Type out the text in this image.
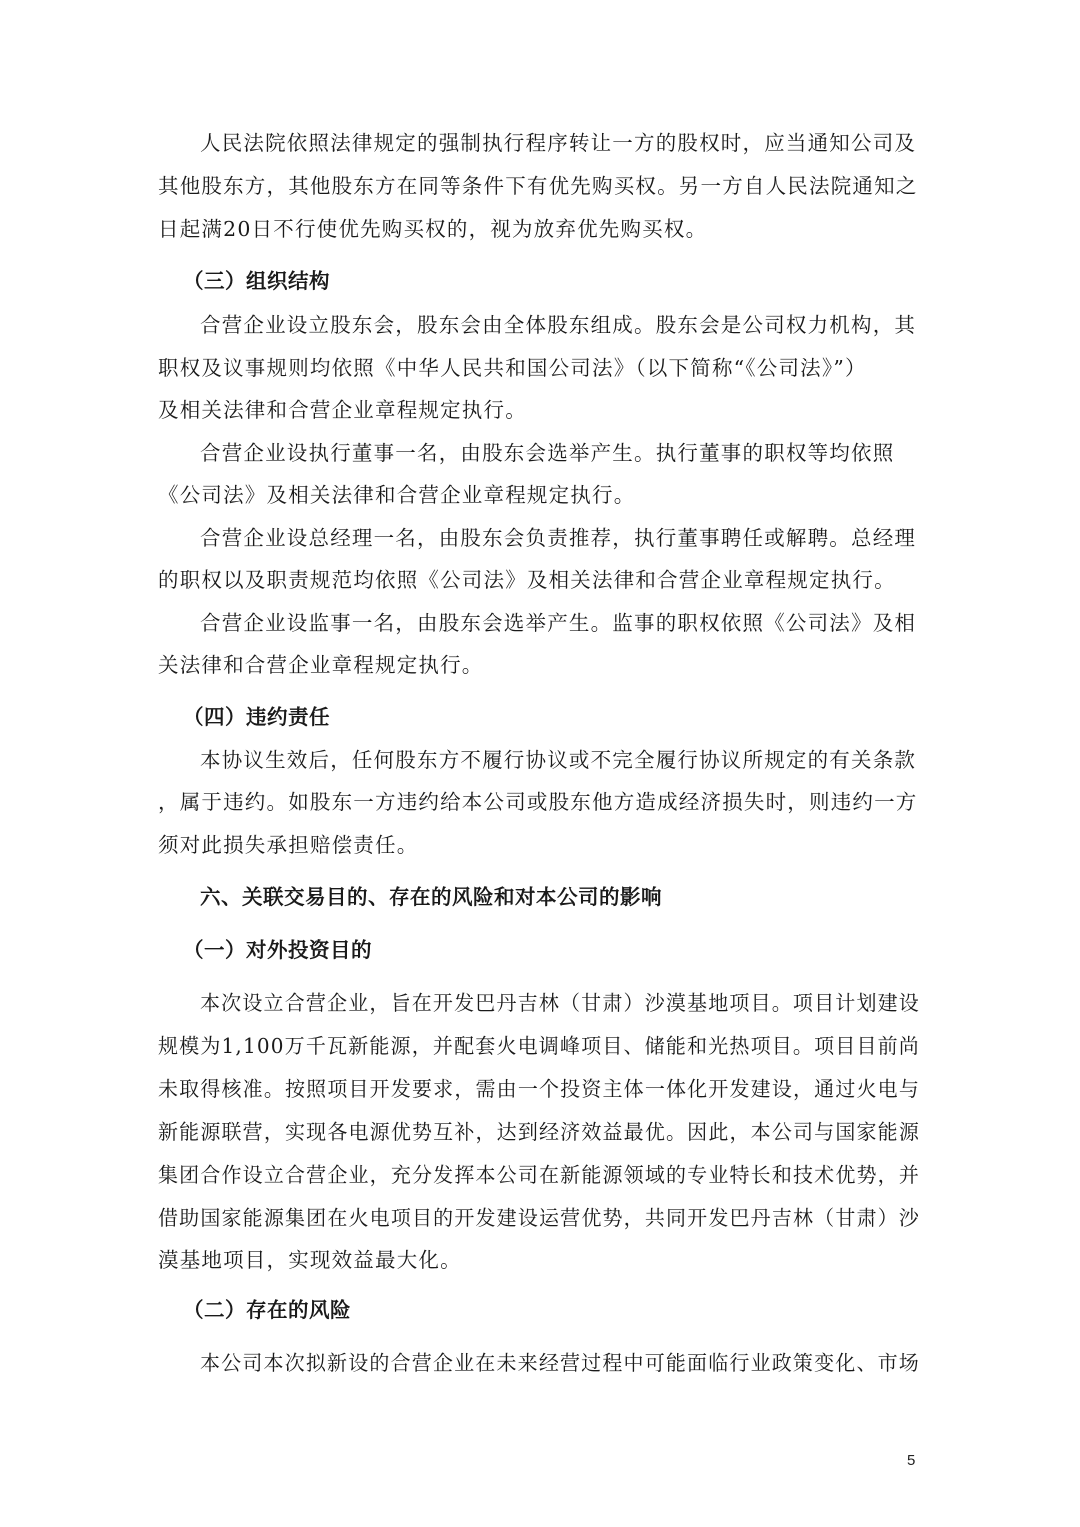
人民法院依照法律规定的强制执行程序转让一方的股权时，应当通知公司及
其他股东方，其他股东方在同等条件下有优先购买权。另一方自人民法院通知之
日起满20日不行使优先购买权的，视为放弃优先购买权。
（三）组织结构
合营企业设立股东会，股东会由全体股东组成。股东会是公司权力机构，其
职权及议事规则均依照《中华人民共和国公司法》（以下简称“《公司法》”）
及相关法律和合营企业章程规定执行。
合营企业设执行董事一名，由股东会选举产生。执行董事的职权等均依照
《公司法》及相关法律和合营企业章程规定执行。
合营企业设总经理一名，由股东会负责推荐，执行董事聘任或解聘。总经理
的职权以及职责规范均依照《公司法》及相关法律和合营企业章程规定执行。
合营企业设监事一名，由股东会选举产生。监事的职权依照《公司法》及相
关法律和合营企业章程规定执行。
（四）违约责任
本协议生效后，任何股东方不履行协议或不完全履行协议所规定的有关条款
，属于违约。如股东一方违约给本公司或股东他方造成经济损失时，则违约一方
须对此损失承担赔偿责任。
六、关联交易目的、存在的风险和对本公司的影响
（一）对外投资目的
本次设立合营企业，旨在开发巴丹吉林（甘肃）沙漠基地项目。项目计划建设
规模为1,100万千瓦新能源，并配套火电调峰项目、储能和光热项目。项目目前尚
未取得核准。按照项目开发要求，需由一个投资主体一体化开发建设，通过火电与
新能源联营，实现各电源优势互补，达到经济效益最优。因此，本公司与国家能源
集团合作设立合营企业，充分发挥本公司在新能源领域的专业特长和技术优势，并
借助国家能源集团在火电项目的开发建设运营优势，共同开发巴丹吉林（甘肃）沙
漠基地项目，实现效益最大化。
（二）存在的风险
本公司本次拟新设的合营企业在未来经营过程中可能面临行业政策变化、市场
5
